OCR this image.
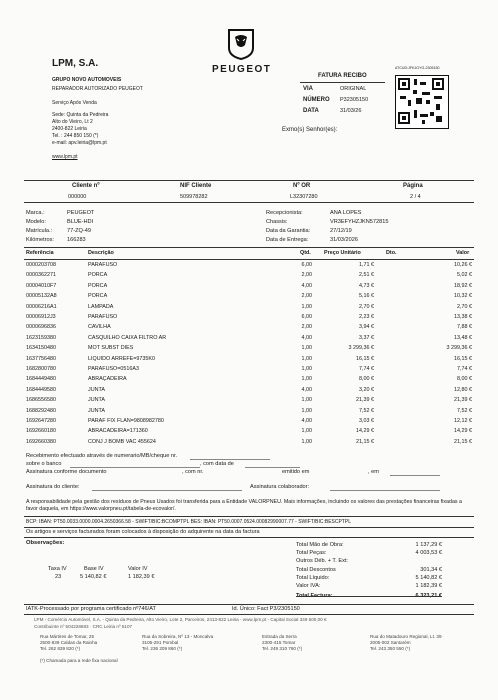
PEUGEOT
LPM, S.A.
GRUPO NOVO AUTOMOVEIS
REPARADOR AUTORIZADO PEUGEOT
Serviço Após Venda
Sede: Quinta da Pedreira
Alto do Vieiro, Lt 2
2400-822 Leiria
Tel. : 244 850 150 (*)
e-mail: apv.leiria@lpm.pt
www.lpm.pt
FATURA RECIBO
VIA	ORIGINAL
NÚMERO P32305150
DATA	31/03/26
ATCUD:JFKJGYG-2305150
Exmo(s) Senhor(es):
Cliente nº	NIF Cliente	Nº OR	Página
000000	509978282	L32307280	2 / 4
Marca.:	PEUGEOT
Modelo:	BLUE-HDI
Matrícula.:	77-ZQ-49
Kilómetros: 166283
Recepcionista:	ANA LOPES
Chassis:	VR3EFYHZJKN572815
Data da Garantia:	27/12/19
Data de Entrega:	31/03/2026
Referência	Descrição	Qtd. Preço Unitário	Dto.	Valor
0000203708	PARAFUSO	6,00	1,71 €	10,26 €
0000362271	PORCA	2,00	2,51 €	5,02 €
00004010F7	PORCA	4,00	4,73 €	18,92 €
00005132A8	PORCA	2,00	5,16 €	10,32 €
00006216A1	LAMPADA	1,00	2,70 €	2,70 €
00006912J3	PARAFUSO	6,00	2,23 €	13,38 €
0000696836	CAVILHA	2,00	3,94 €	7,88 €
1623159380	CASQUILHO CAIXA FILTRO AR	4,00	3,37 €	13,48 €
1634150480	MOT SUBST DIES	1,00	3 299,36 €	3 299,36 €
1637756480	LIQUIDO ARREFE=9735K0	1,00	16,15 €	16,15 €
1682800780	PARAFUSO=0516A3	1,00	7,74 €	7,74 €
1684449480	ABRAÇADEIRA	1,00	8,00 €	8,00 €
1684449580	JUNTA	4,00	3,20 €	12,80 €
1686556580	JUNTA	1,00	21,39 €	21,39 €
1688292480	JUNTA	1,00	7,52 €	7,52 €
1692647280	PARAF FIX FLAN=9808982780	4,00	3,03 €	12,12 €
1692660180	ABRACADEIRA=171360	1,00	14,29 €	14,29 €
1692660380	CONJ J BOMB VAC 455624	1,00	21,15 €	21,15 €
Recebimento efectuado através de numerario/MB/cheque nr.
sobre o banco	, com data de
Assinatura conforme documento	, com nr.	emitido em	, em
Assinatura do cliente:	Assinatura colaborador:
A responsabilidade pela gestão dos resíduos de Pneus Usados foi transferida para a Entidade VALORPNEU. Mais informações, incluindo os valores das prestações financeiras fixadas a favor daquela, em https://www.valorpneu.pt/tabela-de-ecovalor/.
BCP: IBAN: PT50.0033.0000.0004.2650366.58 - SWIFT/BIC:BCOMPTPL BES: IBAN: PT50.0007.0524.00082990007.77 - SWIFT/BIC:BESCPTPL
Os artigos e serviços facturados foram colocados à disposição do adquirente na data da factura
Observações:
Taxa IV	Base IV	Valor IV
23	5 140,82 €	1 182,39 €
Total Mão de Obra:	1 137,29 €
Total Peças:	4 003,53 €
Outros Déb. + T. Ext:
Total Descontos	301,34 €
Total Líquido:	5 140,82 €
Valor IVA:	1 182,39 €
IATK-Processado por programa certificado nº746/AT	Id. Único: Fact P3/2305150
LPM - Comércio Automóvel, S.A. - Quinta da Pedreira, Alto Vieiro, Lote 2, Parceiros, 2413-822 Leiria - www.lpm.pt - Capital Social 349 500,00 €
Contribuinte nº 504228683 · CRC Leiria nº 5107
Rua Mártires de Tomar, 25
2500-839 Caldas da Rainha
Tel. 262 839 820 (*)
Rua da Sobreira, Nº 13 - Moncalva
3105-291 Pombal
Tel. 236 209 860 (*)
Estrada da Serra
2300-415 Tomar
Tel. 249 310 760 (*)
Rua do Matadouro Regional, Lt. 39
2005-002 Santarém
Tel. 243 350 550 (*)
(*) Chamada para a rede fixa nacional
